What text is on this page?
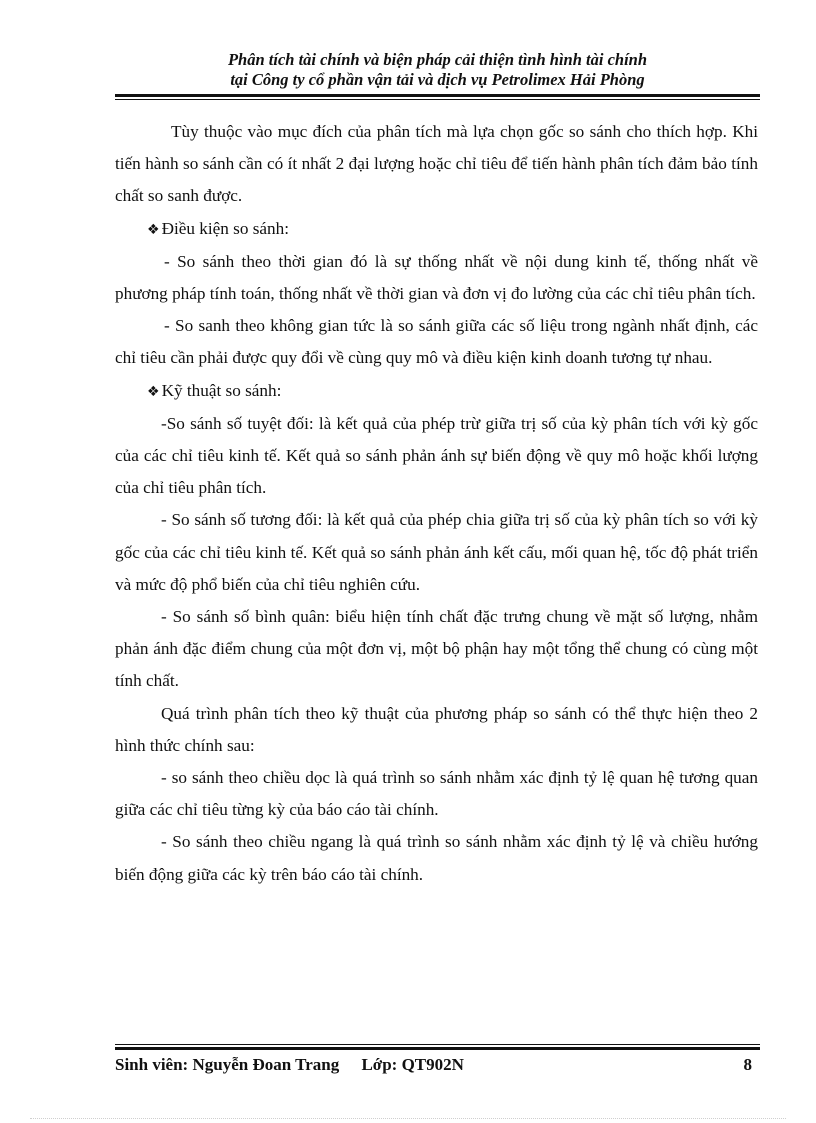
Phân tích tài chính và biện pháp cải thiện tình hình tài chính
tại Công ty cổ phần vận tải và dịch vụ Petrolimex Hải Phòng

Tùy thuộc vào mục đích của phân tích mà lựa chọn gốc so sánh cho thích hợp. Khi tiến hành so sánh cần có ít nhất 2 đại lượng hoặc chỉ tiêu để tiến hành phân tích đảm bảo tính chất so sanh được.

❖ Điều kiện so sánh:

- So sánh theo thời gian đó là sự thống nhất về nội dung kinh tế, thống nhất về phương pháp tính toán, thống nhất về thời gian và đơn vị đo lường của các chỉ tiêu phân tích.

- So sanh theo không gian tức là so sánh giữa các số liệu trong ngành nhất định, các chỉ tiêu cần phải được quy đổi về cùng quy mô và điều kiện kinh doanh tương tự nhau.

❖ Kỹ thuật so sánh:

-So sánh số tuyệt đối: là kết quả của phép trừ giữa trị số của kỳ phân tích với kỳ gốc của các chỉ tiêu kinh tế. Kết quả so sánh phản ánh sự biến động về quy mô hoặc khối lượng của chỉ tiêu phân tích.

- So sánh số tương đối: là kết quả của phép chia giữa trị số của kỳ phân tích so với kỳ gốc của các chỉ tiêu kinh tế. Kết quả so sánh phản ánh kết cấu, mối quan hệ, tốc độ phát triển và mức độ phổ biến của chỉ tiêu nghiên cứu.

- So sánh số bình quân: biểu hiện tính chất đặc trưng chung về mặt số lượng, nhằm phản ánh đặc điểm chung của một đơn vị, một bộ phận hay một tổng thể chung có cùng một tính chất.

Quá trình phân tích theo kỹ thuật của phương pháp so sánh có thể thực hiện theo 2 hình thức chính sau:

- so sánh theo chiều dọc là quá trình so sánh nhằm xác định tỷ lệ quan hệ tương quan giữa các chỉ tiêu từng kỳ của báo cáo tài chính.

- So sánh theo chiều ngang là quá trình so sánh nhằm xác định tỷ lệ và chiều hướng biến động giữa các kỳ trên báo cáo tài chính.

Sinh viên: Nguyễn Đoan Trang Lớp: QT902N	8
